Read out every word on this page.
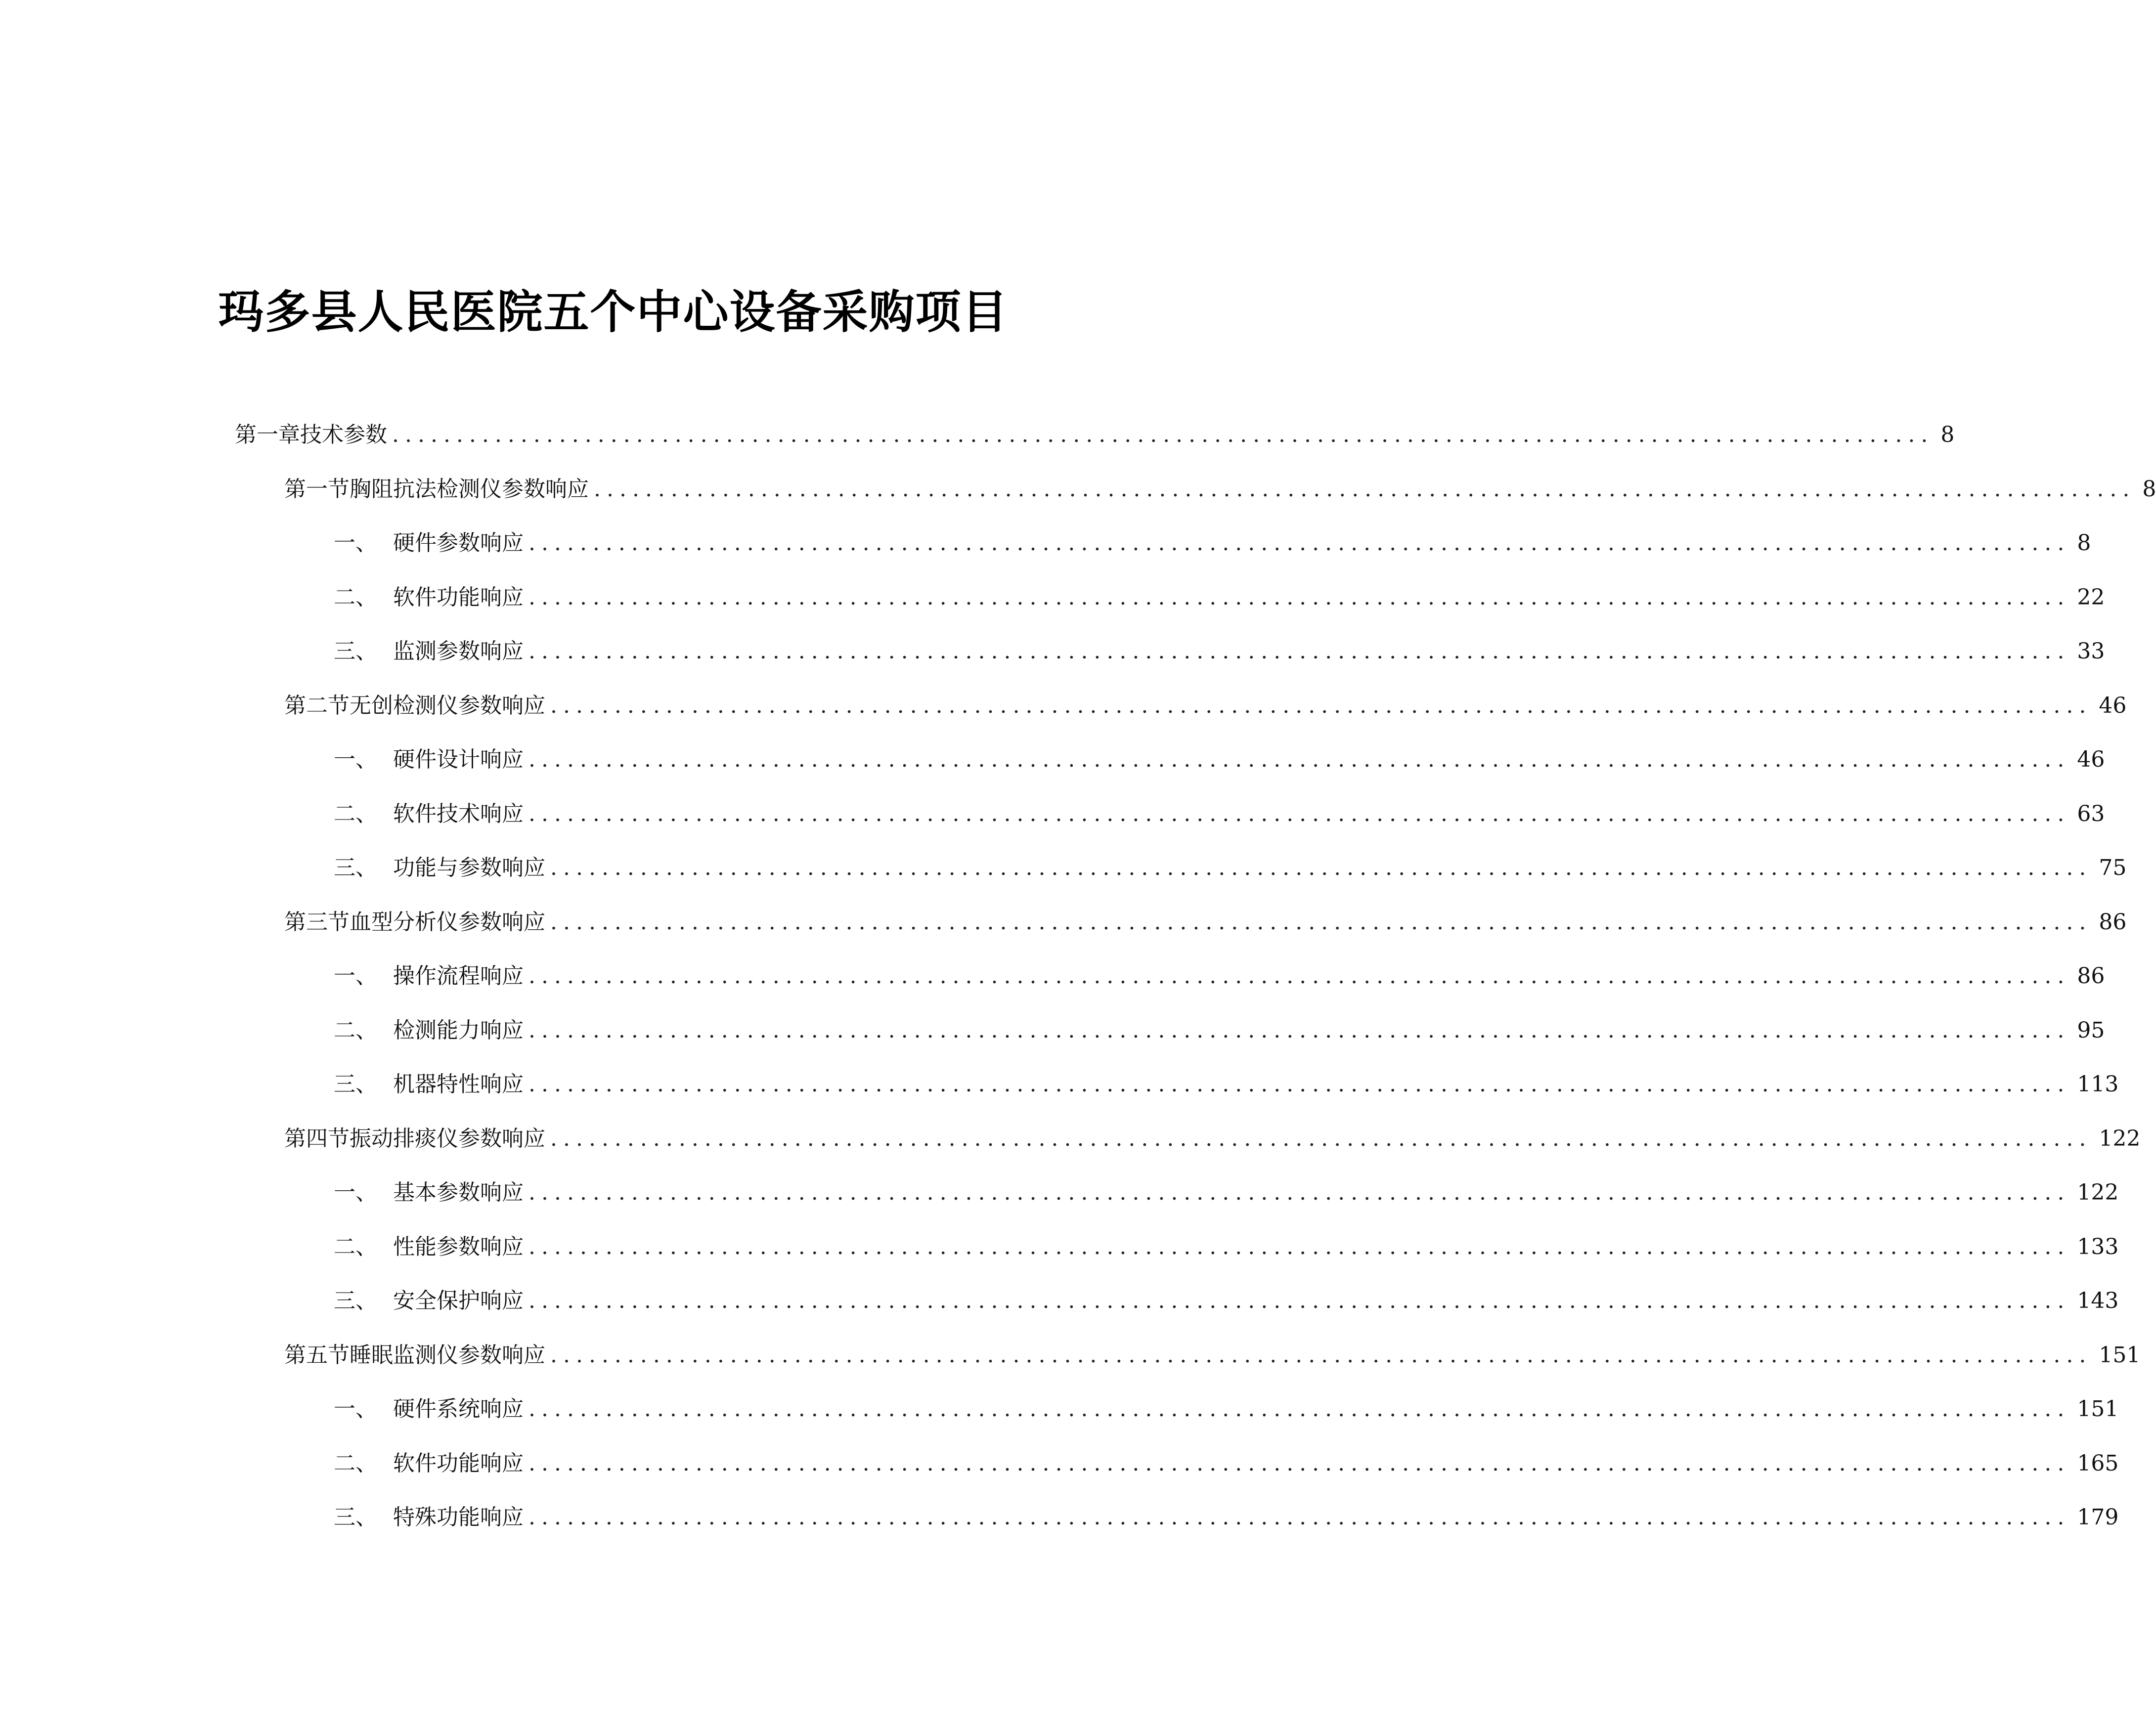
玛多县人民医院五个中心设备采购项目
第一章 技术参数 ........................................................................................................................ 8
第一节 胸阻抗法检测仪参数响应 ........................................................................................................................ 8
一、 硬件参数响应 ........................................................................................................................ 8
二、 软件功能响应 ........................................................................................................................ 22
三、 监测参数响应 ........................................................................................................................ 33
第二节 无创检测仪参数响应 ........................................................................................................................ 46
一、 硬件设计响应 ........................................................................................................................ 46
二、 软件技术响应 ........................................................................................................................ 63
三、 功能与参数响应 ........................................................................................................................ 75
第三节 血型分析仪参数响应 ........................................................................................................................ 86
一、 操作流程响应 ........................................................................................................................ 86
二、 检测能力响应 ........................................................................................................................ 95
三、 机器特性响应 ........................................................................................................................ 113
第四节 振动排痰仪参数响应 ........................................................................................................................ 122
一、 基本参数响应 ........................................................................................................................ 122
二、 性能参数响应 ........................................................................................................................ 133
三、 安全保护响应 ........................................................................................................................ 143
第五节 睡眠监测仪参数响应 ........................................................................................................................ 151
一、 硬件系统响应 ........................................................................................................................ 151
二、 软件功能响应 ........................................................................................................................ 165
三、 特殊功能响应 ........................................................................................................................ 179
